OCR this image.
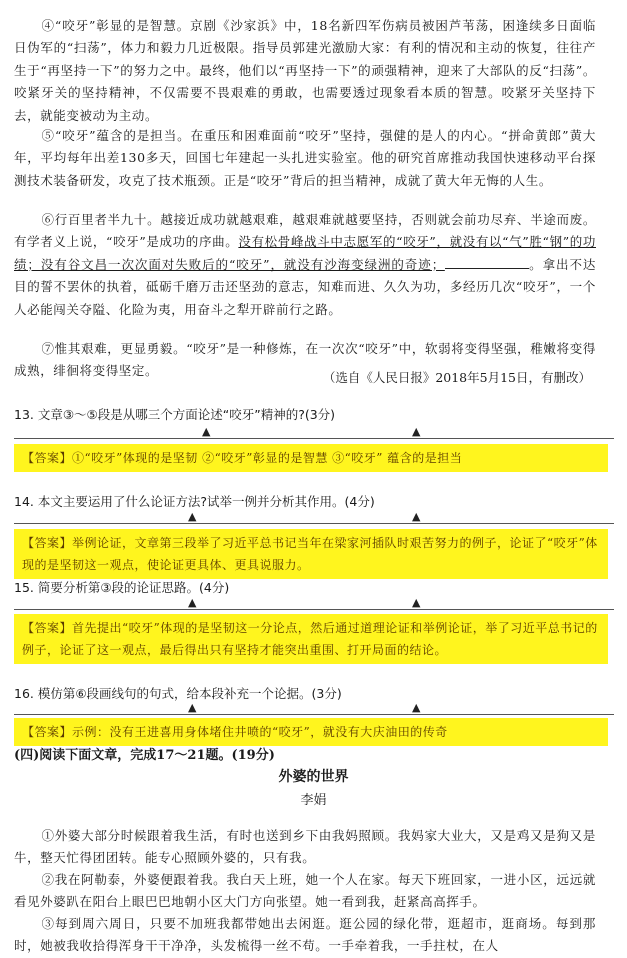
④“咬牙”彰显的是智慧。京剧《沙家浜》中，18名新四军伤病员被困芦苇荡，困逢续多日面临日伪军的“扫荡”，体力和毅力几近极限。指导员郭建光激励大家：有利的情况和主动的恢复，往往产生于“再坚持一下”的努力之中。最终，他们以“再坚持一下”的顽强精神，迎来了大部队的反“扫荡”。咬紧牙关的坚持精神，不仅需要不畏艰难的勇敢，也需要透过现象看本质的智慧。咬紧牙关坚持下去，就能变被动为主动。

⑤“咬牙”蕴含的是担当。在重压和困难面前“咬牙”坚持，强健的是人的内心。“拼命黄郎”黄大年，平均每年出差130多天，回国七年建起一头扎进实验室。他的研究首席推动我国快速移动平台探测技术装备研发，攻克了技术瓶颈。正是“咬牙”背后的担当精神，成就了黄大年无悔的人生。

⑥行百里者半九十。越接近成功就越艰难，越艰难就越要坚持，否则就会前功尽弃、半途而废。有学者义上说，“咬牙”是成功的序曲。没有松骨峰战斗中志愿军的“咬牙”，就没有以“气”胜“钢”的功绩；没有谷文昌一次次面对失败后的“咬牙”，就没有沙海变绿洲的奇迹；	。拿出不达目的誓不罢休的执着，砥砺千磨万击还坚劲的意志，知难而进、久久为功，多经历几次“咬牙”，一个人必能闯关夺隘、化险为夷，用奋斗之犁开辟前行之路。

⑦惟其艰难，更显勇毅。“咬牙”是一种修炼，在一次次“咬牙”中，软弱将变得坚强，稚嫩将变得成熟，绯徊将变得坚定。	（选自《人民日报》2018年5月15日，有删改）
13. 文章③～⑤段是从哪三个方面论述“咬牙”精神的?(3分)
▲	▲
【答案】①“咬牙”体现的是坚韧 ②“咬牙”彰显的是智慧 ③“咬牙” 蕴含的是担当
14. 本文主要运用了什么论证方法?试举一例并分析其作用。(4分)
▲	▲
【答案】举例论证，文章第三段举了习近平总书记当年在梁家河插队时艰苦努力的例子，论证了“咬牙”体现的是坚韧这一观点，使论证更具体、更具说服力。
15. 简要分析第③段的论证思路。(4分)
▲	▲
【答案】首先提出“咬牙”体现的是坚韧这一分论点，然后通过道理论证和举例论证，举了习近平总书记的例子，论证了这一观点，最后得出只有坚持才能突出重围、打开局面的结论。
16. 模仿第⑥段画线句的句式，给本段补充一个论据。(3分)
▲	▲
【答案】示例：没有王进喜用身体堵住井喷的“咬牙”，就没有大庆油田的传奇
(四)阅读下面文章，完成17～21题。(19分)
外婆的世界
李娟

①外婆大部分时候跟着我生活，有时也送到乡下由我妈照顾。我妈家大业大，又是鸡又是狗又是牛，整天忙得团团转。能专心照顾外婆的，只有我。

②我在阿勒泰，外婆便跟着我。我白天上班，她一个人在家。每天下班回家，一进小区，远远就看见外婆趴在阳台上眼巴巴地朝小区大门方向张望。她一看到我，赶紧高高挥手。

③每到周六周日，只要不加班我都带她出去闲逛。逛公园的绿化带，逛超市，逛商场。每到那时，她被我收拾得浑身干干净净，头发梳得一丝不苟。一手牵着我，一手拄杖，在人
